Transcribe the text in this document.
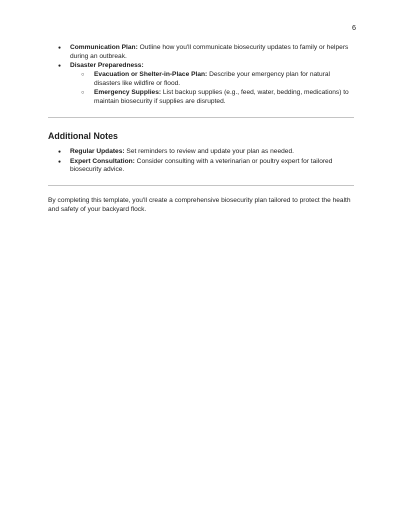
6
● Communication Plan: Outline how you'll communicate biosecurity updates to family or helpers during an outbreak.
● Disaster Preparedness:
○ Evacuation or Shelter-in-Place Plan: Describe your emergency plan for natural disasters like wildfire or flood.
○ Emergency Supplies: List backup supplies (e.g., feed, water, bedding, medications) to maintain biosecurity if supplies are disrupted.
Additional Notes
● Regular Updates: Set reminders to review and update your plan as needed.
● Expert Consultation: Consider consulting with a veterinarian or poultry expert for tailored biosecurity advice.

By completing this template, you'll create a comprehensive biosecurity plan tailored to protect the health and safety of your backyard flock.
